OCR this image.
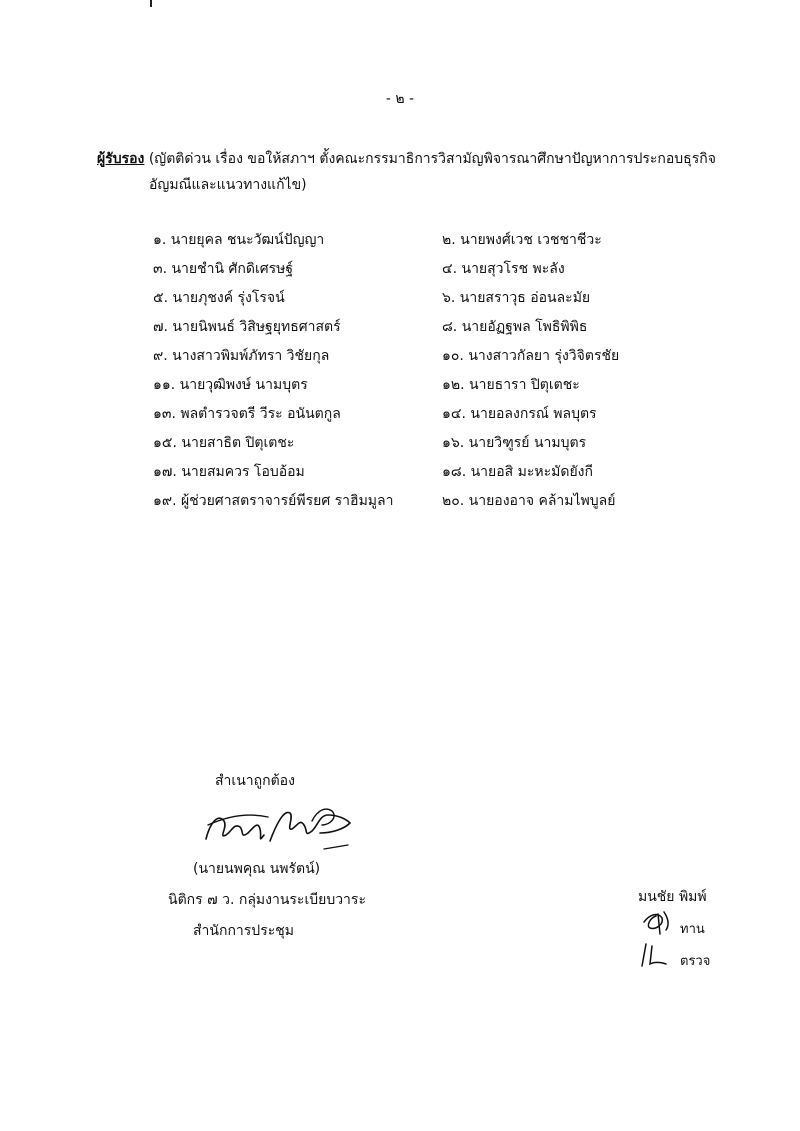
- ๒ -
ผู้รับรอง (ญัตติด่วน เรื่อง ขอให้สภาฯ ตั้งคณะกรรมาธิการวิสามัญพิจารณาศึกษาปัญหาการประกอบธุรกิจ
อัญมณีและแนวทางแก้ไข)
๑. นายยุคล ชนะวัฒน์ปัญญา	๒. นายพงศ์เวช เวชชาชีวะ
๓. นายชำนิ ศักดิเศรษฐ์	๔. นายสุวโรช พะลัง
๕. นายภุชงค์ รุ่งโรจน์	๖. นายสราวุธ อ่อนละมัย
๗. นายนิพนธ์ วิสิษฐยุทธศาสตร์	๘. นายอัฏฐพล โพธิพิพิธ
๙. นางสาวพิมพ์ภัทรา วิชัยกุล	๑๐. นางสาวกัลยา รุ่งวิจิตรชัย
๑๑. นายวุฒิพงษ์ นามบุตร	๑๒. นายธารา ปิตุเตชะ
๑๓. พลตำรวจตรี วีระ อนันตกูล	๑๔. นายอลงกรณ์ พลบุตร
๑๕. นายสาธิต ปิตุเตชะ	๑๖. นายวิฑูรย์ นามบุตร
๑๗. นายสมควร โอบอ้อม	๑๘. นายอสิ มะหะมัดยังกี
๑๙. ผู้ช่วยศาสตราจารย์พีรยศ ราฮิมมูลา	๒๐. นายองอาจ คล้ามไพบูลย์
สำเนาถูกต้อง
(นายนพคุณ นพรัตน์)
นิติกร ๗ ว. กลุ่มงานระเบียบวาระ
สำนักการประชุม
มนชัย พิมพ์
ทาน
ตรวจ
